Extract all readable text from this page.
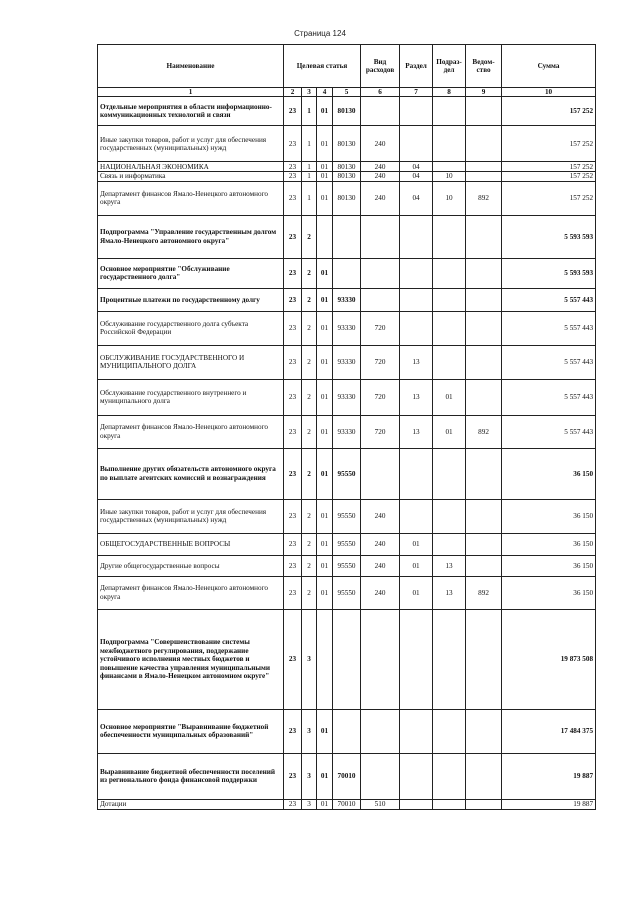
Страница 124
Наименование	Целевая статья				Вид расходов	Раздел	Подраз-дел	Ведом-ство	Сумма
1	2	3	4	5	6	7	8	9	10
Отдельные мероприятия в области информационно-коммуникационных технологий и связи	23	1	01	80130					157 252
Иные закупки товаров, работ и услуг для обеспечения государственных (муниципальных) нужд	23	1	01	80130	240				157 252
НАЦИОНАЛЬНАЯ ЭКОНОМИКА	23	1	01	80130	240	04			157 252
Связь и информатика	23	1	01	80130	240	04	10		157 252
Департамент финансов Ямало-Ненецкого автономного округа	23	1	01	80130	240	04	10	892	157 252
Подпрограмма "Управление государственным долгом Ямало-Ненецкого автономного округа"	23	2							5 593 593
Основное мероприятие "Обслуживание государственного долга"	23	2	01						5 593 593
Процентные платежи по государственному долгу	23	2	01	93330					5 557 443
Обслуживание государственного долга субъекта Российской Федерации	23	2	01	93330	720				5 557 443
ОБСЛУЖИВАНИЕ ГОСУДАРСТВЕННОГО И МУНИЦИПАЛЬНОГО ДОЛГА	23	2	01	93330	720	13			5 557 443
Обслуживание государственного внутреннего и муниципального долга	23	2	01	93330	720	13	01		5 557 443
Департамент финансов Ямало-Ненецкого автономного округа	23	2	01	93330	720	13	01	892	5 557 443
Выполнение других обязательств автономного округа по выплате агентских комиссий и вознаграждения	23	2	01	95550					36 150
Иные закупки товаров, работ и услуг для обеспечения государственных (муниципальных) нужд	23	2	01	95550	240				36 150
ОБЩЕГОСУДАРСТВЕННЫЕ ВОПРОСЫ	23	2	01	95550	240	01			36 150
Другие общегосударственные вопросы	23	2	01	95550	240	01	13		36 150
Департамент финансов Ямало-Ненецкого автономного округа	23	2	01	95550	240	01	13	892	36 150
Подпрограмма "Совершенствование системы межбюджетного регулирования, поддержание устойчивого исполнения местных бюджетов и повышение качества управления муниципальными финансами в Ямало-Ненецком автономном округе"	23	3							19 873 508
Основное мероприятие "Выравнивание бюджетной обеспеченности муниципальных образований"	23	3	01						17 484 375
Выравнивание бюджетной обеспеченности поселений из регионального фонда финансовой поддержки	23	3	01	70010					19 887
Дотации	23	3	01	70010	510				19 887
